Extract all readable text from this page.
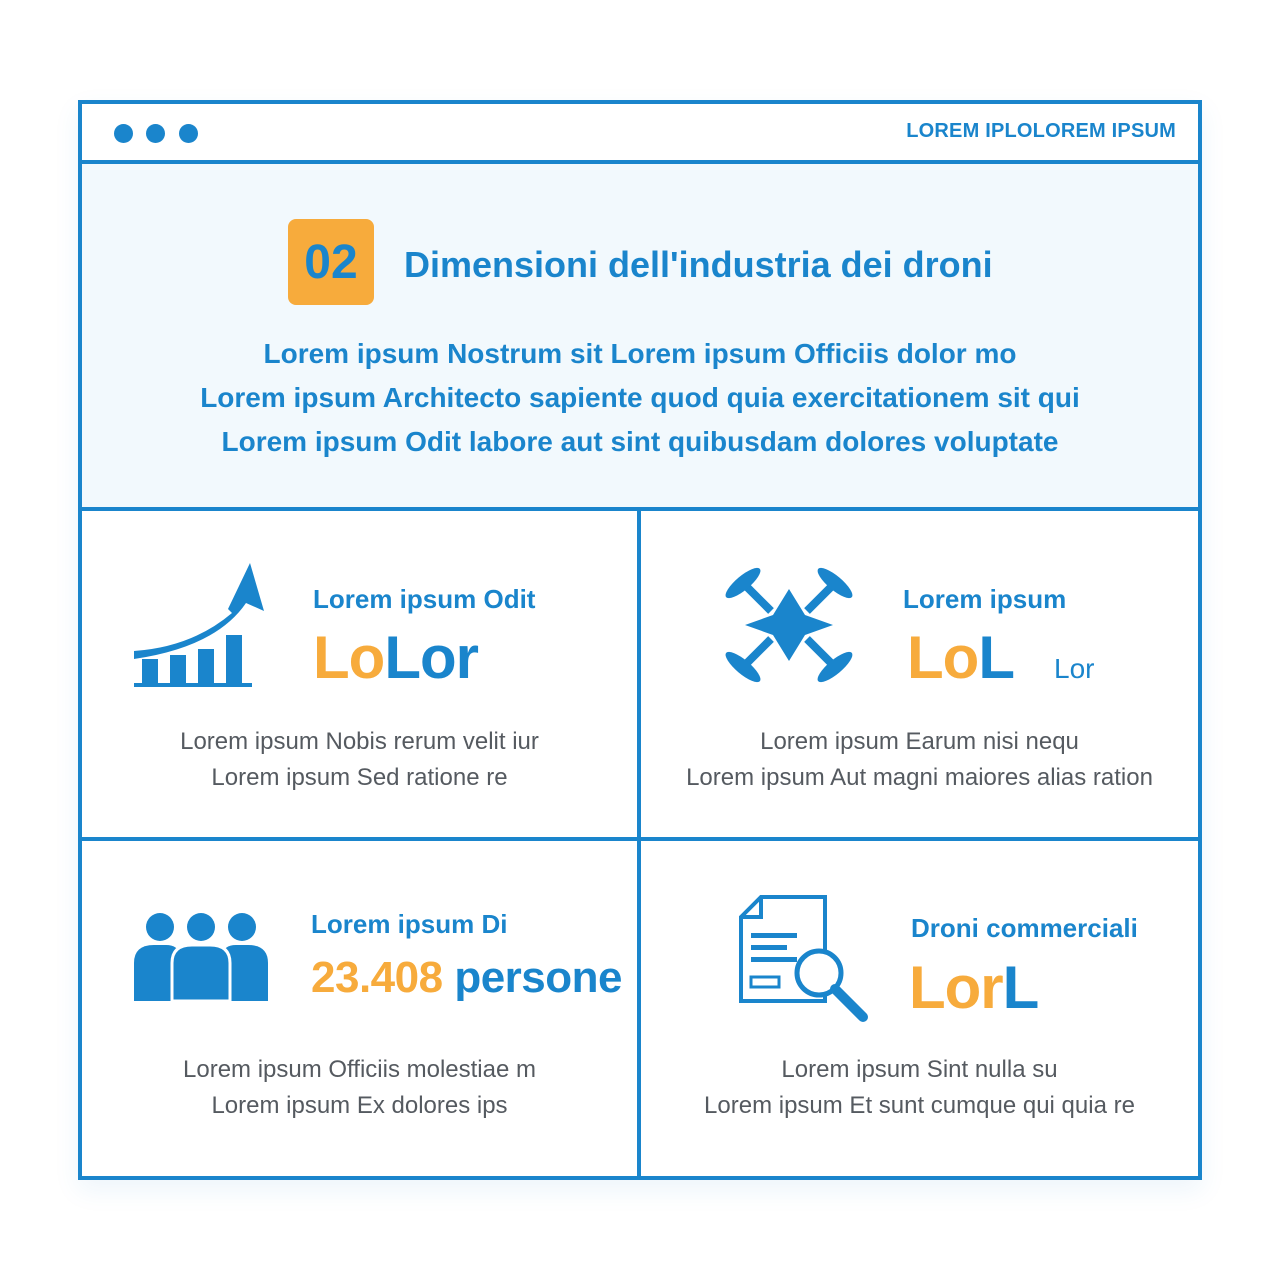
LOREM IPLOLOREM IPSUM
02	Dimensioni dell'industria dei droni
Lorem ipsum Nostrum sit Lorem ipsum Officiis dolor mo
Lorem ipsum Architecto sapiente quod quia exercitationem sit qui
Lorem ipsum Odit labore aut sint quibusdam dolores voluptate
Lorem ipsum Odit
LoLor
Lorem ipsum Nobis rerum velit iur
Lorem ipsum Sed ratione re
Lorem ipsum
LoL Lor
Lorem ipsum Earum nisi nequ
Lorem ipsum Aut magni maiores alias ration
Lorem ipsum Di
23.408 persone
Lorem ipsum Officiis molestiae m
Lorem ipsum Ex dolores ips
Droni commerciali
LorL
Lorem ipsum Sint nulla su
Lorem ipsum Et sunt cumque qui quia re
